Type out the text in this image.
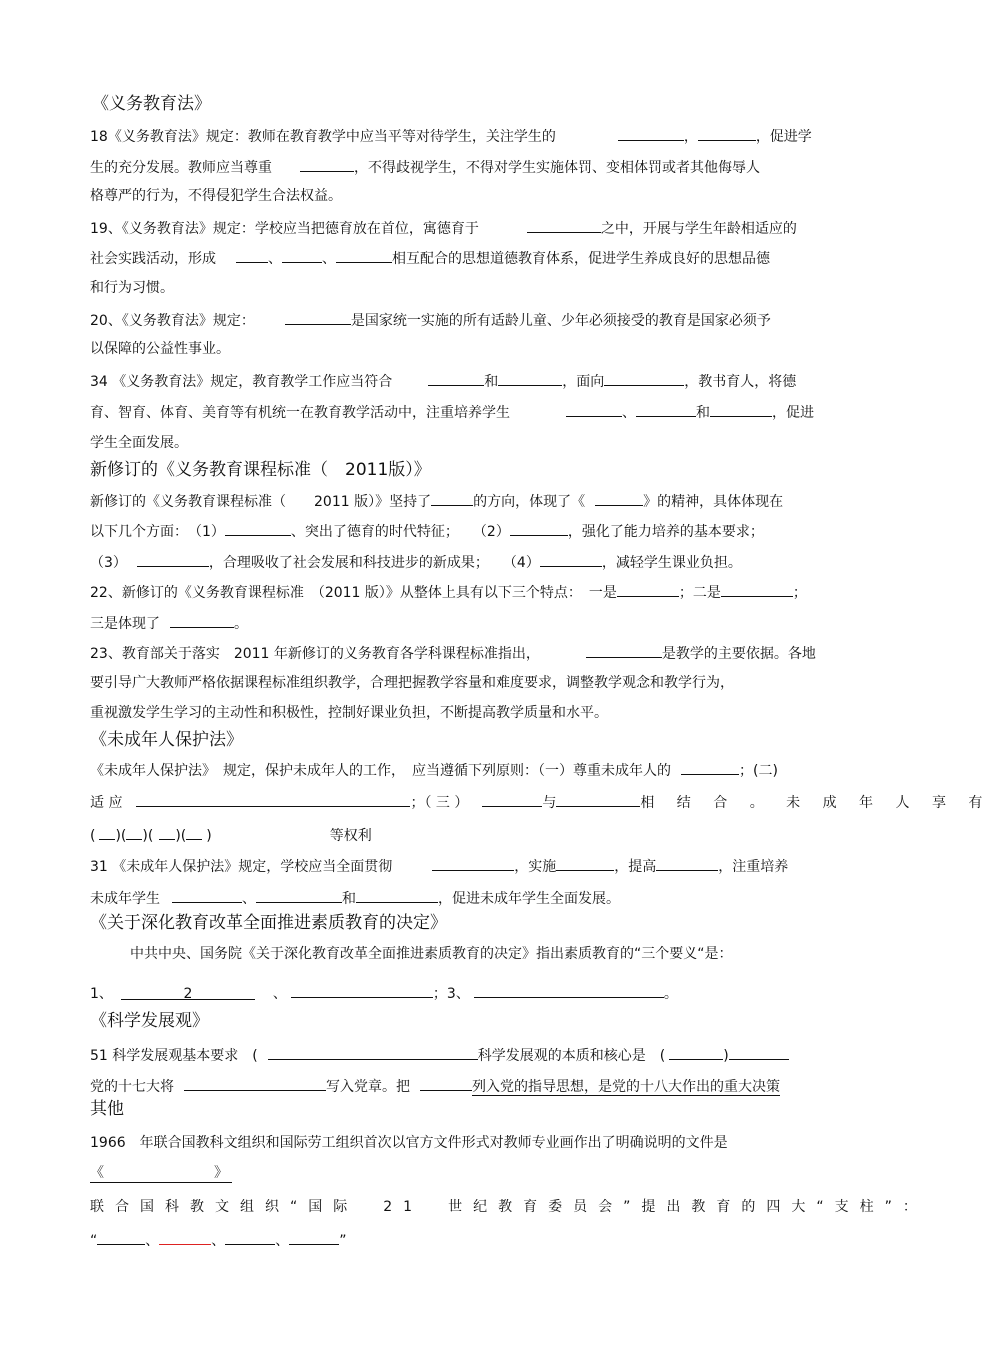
《义务教育法》
18《义务教育法》规定：教师在教育教学中应当平等对待学生，关注学生的	，	，促进学
生的充分发展。教师应当尊重	，不得歧视学生，不得对学生实施体罚、变相体罚或者其他侮辱人
格尊严的行为，不得侵犯学生合法权益。
19、《义务教育法》规定：学校应当把德育放在首位，寓德育于	之中，开展与学生年龄相适应的
社会实践活动，形成	、	、	相互配合的思想道德教育体系，促进学生养成良好的思想品德
和行为习惯。
20、《义务教育法》规定：	是国家统一实施的所有适龄儿童、少年必须接受的教育是国家必须予
以保障的公益性事业。
34 《义务教育法》规定，教育教学工作应当符合	和	，面向	，教书育人，将德
育、智育、体育、美育等有机统一在教育教学活动中，注重培养学生	、	和	，促进
学生全面发展。
新修订的《义务教育课程标准（　2011版）》
新修订的《义务教育课程标准（　　2011 版）》坚持了	的方向，体现了《	》的精神，具体体现在
以下几个方面：　（1）	、突出了德育的时代特征；　　（2）	，强化了能力培养的基本要求；
（3）	，合理吸收了社会发展和科技进步的新成果；　　（4）	，减轻学生课业负担。
22、新修订的《义务教育课程标准　（2011 版）》从整体上具有以下三个特点：　一是	；二是	；
三是体现了	。
23、教育部关于落实　2011 年新修订的义务教育各学科课程标准指出，	是教学的主要依据。各地
要引导广大教师严格依据课程标准组织教学，合理把握教学容量和难度要求，调整教学观念和教学行为，
重视激发学生学习的主动性和积极性，控制好课业负担，不断提高教学质量和水平。
《未成年人保护法》
《未成年人保护法》　规定，保护未成年人的工作，　应当遵循下列原则：（一）尊重未成年人的	；(二)
适 应	；（ 三 ）	与	相 结 合 。 未 成 年 人 享 有
( )( )( )( )	等权利
31 《未成年人保护法》规定，学校应当全面贯彻	，实施	，提高	，注重培养
未成年学生	、	和	，促进未成年学生全面发展。
《关于深化教育改革全面推进素质教育的决定》
中共中央、国务院《关于深化教育改革全面推进素质教育的决定》指出素质教育的“三个要义“是：
1、	2	、	；3、	。
《科学发展观》
51 科学发展观基本要求　(	科学发展观的本质和核心是　(	)
党的十七大将	写入党章。把	列入党的指导思想，是党的十八大作出的重大决策
其他
1966　年联合国教科文组织和国际劳工组织首次以官方文件形式对教师专业画作出了明确说明的文件是
《	》
联合国科教文组织“国际　21　世纪教育委员会”提出教育的四大“支柱”：
“	、	、	、	”
